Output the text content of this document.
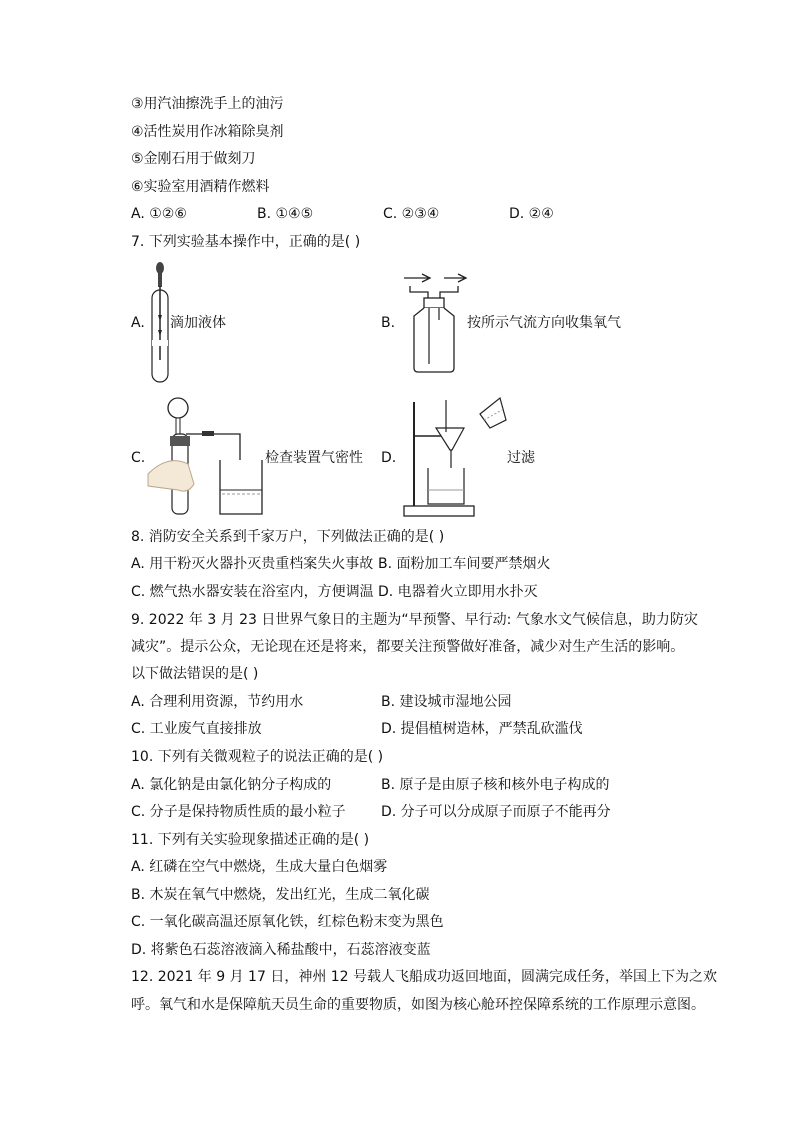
③用汽油擦洗手上的油污
④活性炭用作冰箱除臭剂
⑤金刚石用于做刻刀
⑥实验室用酒精作燃料
A. ①②⑥	B. ①④⑤	C. ②③④	D. ②④
7. 下列实验基本操作中，正确的是( )
A. 滴加液体	B.	按所示气流方向收集氧气
C.	检查装置气密性 D.	过滤
8. 消防安全关系到千家万户，下列做法正确的是( )
A. 用干粉灭火器扑灭贵重档案失火事故 B. 面粉加工车间要严禁烟火
C. 燃气热水器安装在浴室内，方便调温 D. 电器着火立即用水扑灭
9. 2022 年 3 月 23 日世界气象日的主题为“早预警、早行动: 气象水文气候信息，助力防灾
减灾”。提示公众，无论现在还是将来，都要关注预警做好准备，减少对生产生活的影响。
以下做法错误的是( )
A. 合理利用资源，节约用水	B. 建设城市湿地公园
C. 工业废气直接排放	D. 提倡植树造林，严禁乱砍滥伐
10. 下列有关微观粒子的说法正确的是( )
A. 氯化钠是由氯化钠分子构成的	B. 原子是由原子核和核外电子构成的
C. 分子是保持物质性质的最小粒子	D. 分子可以分成原子而原子不能再分
11. 下列有关实验现象描述正确的是( )
A. 红磷在空气中燃烧，生成大量白色烟雾
B. 木炭在氧气中燃烧，发出红光，生成二氧化碳
C. 一氧化碳高温还原氧化铁，红棕色粉末变为黑色
D. 将紫色石蕊溶液滴入稀盐酸中，石蕊溶液变蓝
12. 2021 年 9 月 17 日，神州 12 号载人飞船成功返回地面，圆满完成任务，举国上下为之欢
呼。氧气和水是保障航天员生命的重要物质，如图为核心舱环控保障系统的工作原理示意图。
